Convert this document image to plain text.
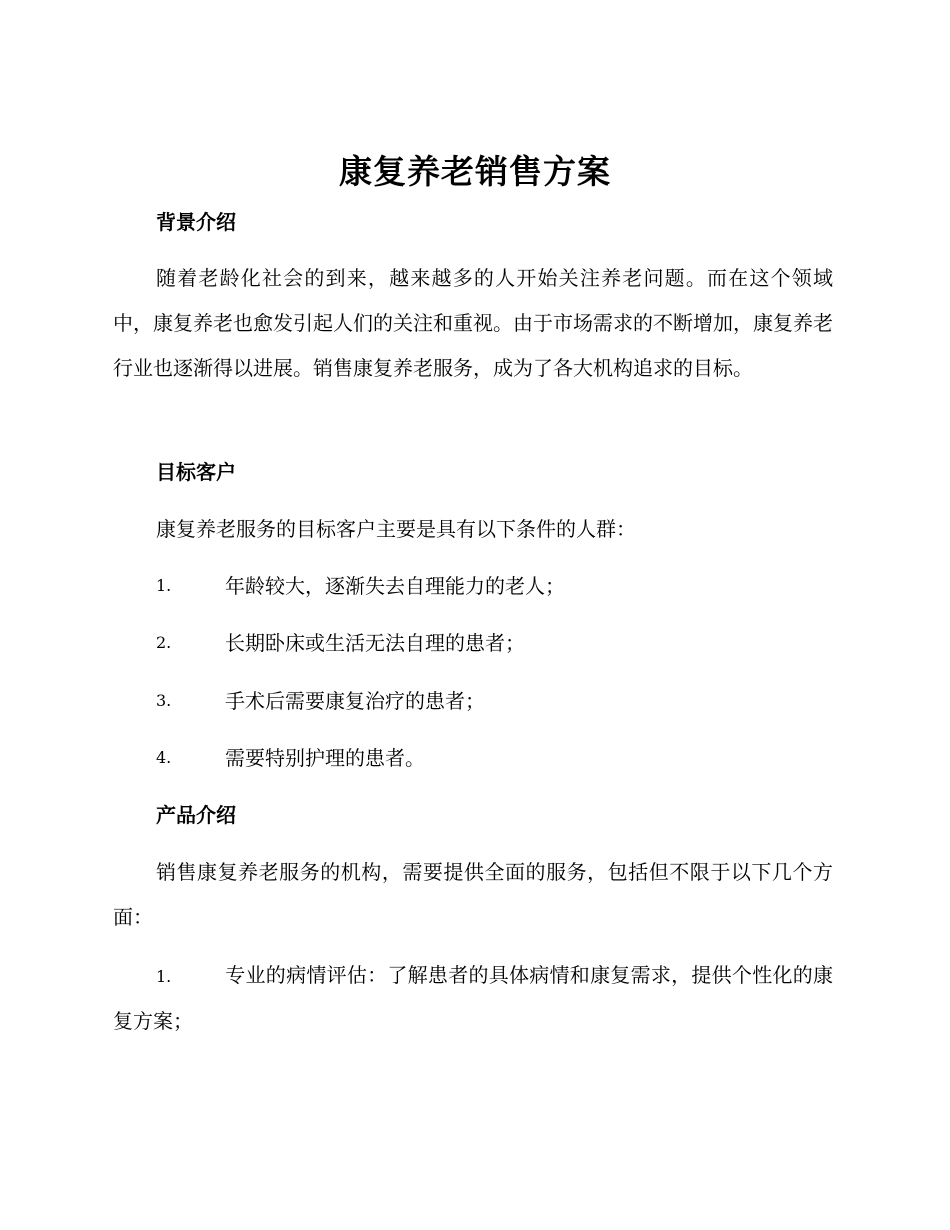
康复养老销售方案
背景介绍
随着老龄化社会的到来，越来越多的人开始关注养老问题。而在这个领域中，康复养老也愈发引起人们的关注和重视。由于市场需求的不断增加，康复养老行业也逐渐得以进展。销售康复养老服务，成为了各大机构追求的目标。
目标客户
康复养老服务的目标客户主要是具有以下条件的人群：
1.	年龄较大，逐渐失去自理能力的老人；
2.	长期卧床或生活无法自理的患者；
3.	手术后需要康复治疗的患者；
4.	需要特别护理的患者。
产品介绍
销售康复养老服务的机构，需要提供全面的服务，包括但不限于以下几个方面：
1.	专业的病情评估：了解患者的具体病情和康复需求，提供个性化的康复方案；
